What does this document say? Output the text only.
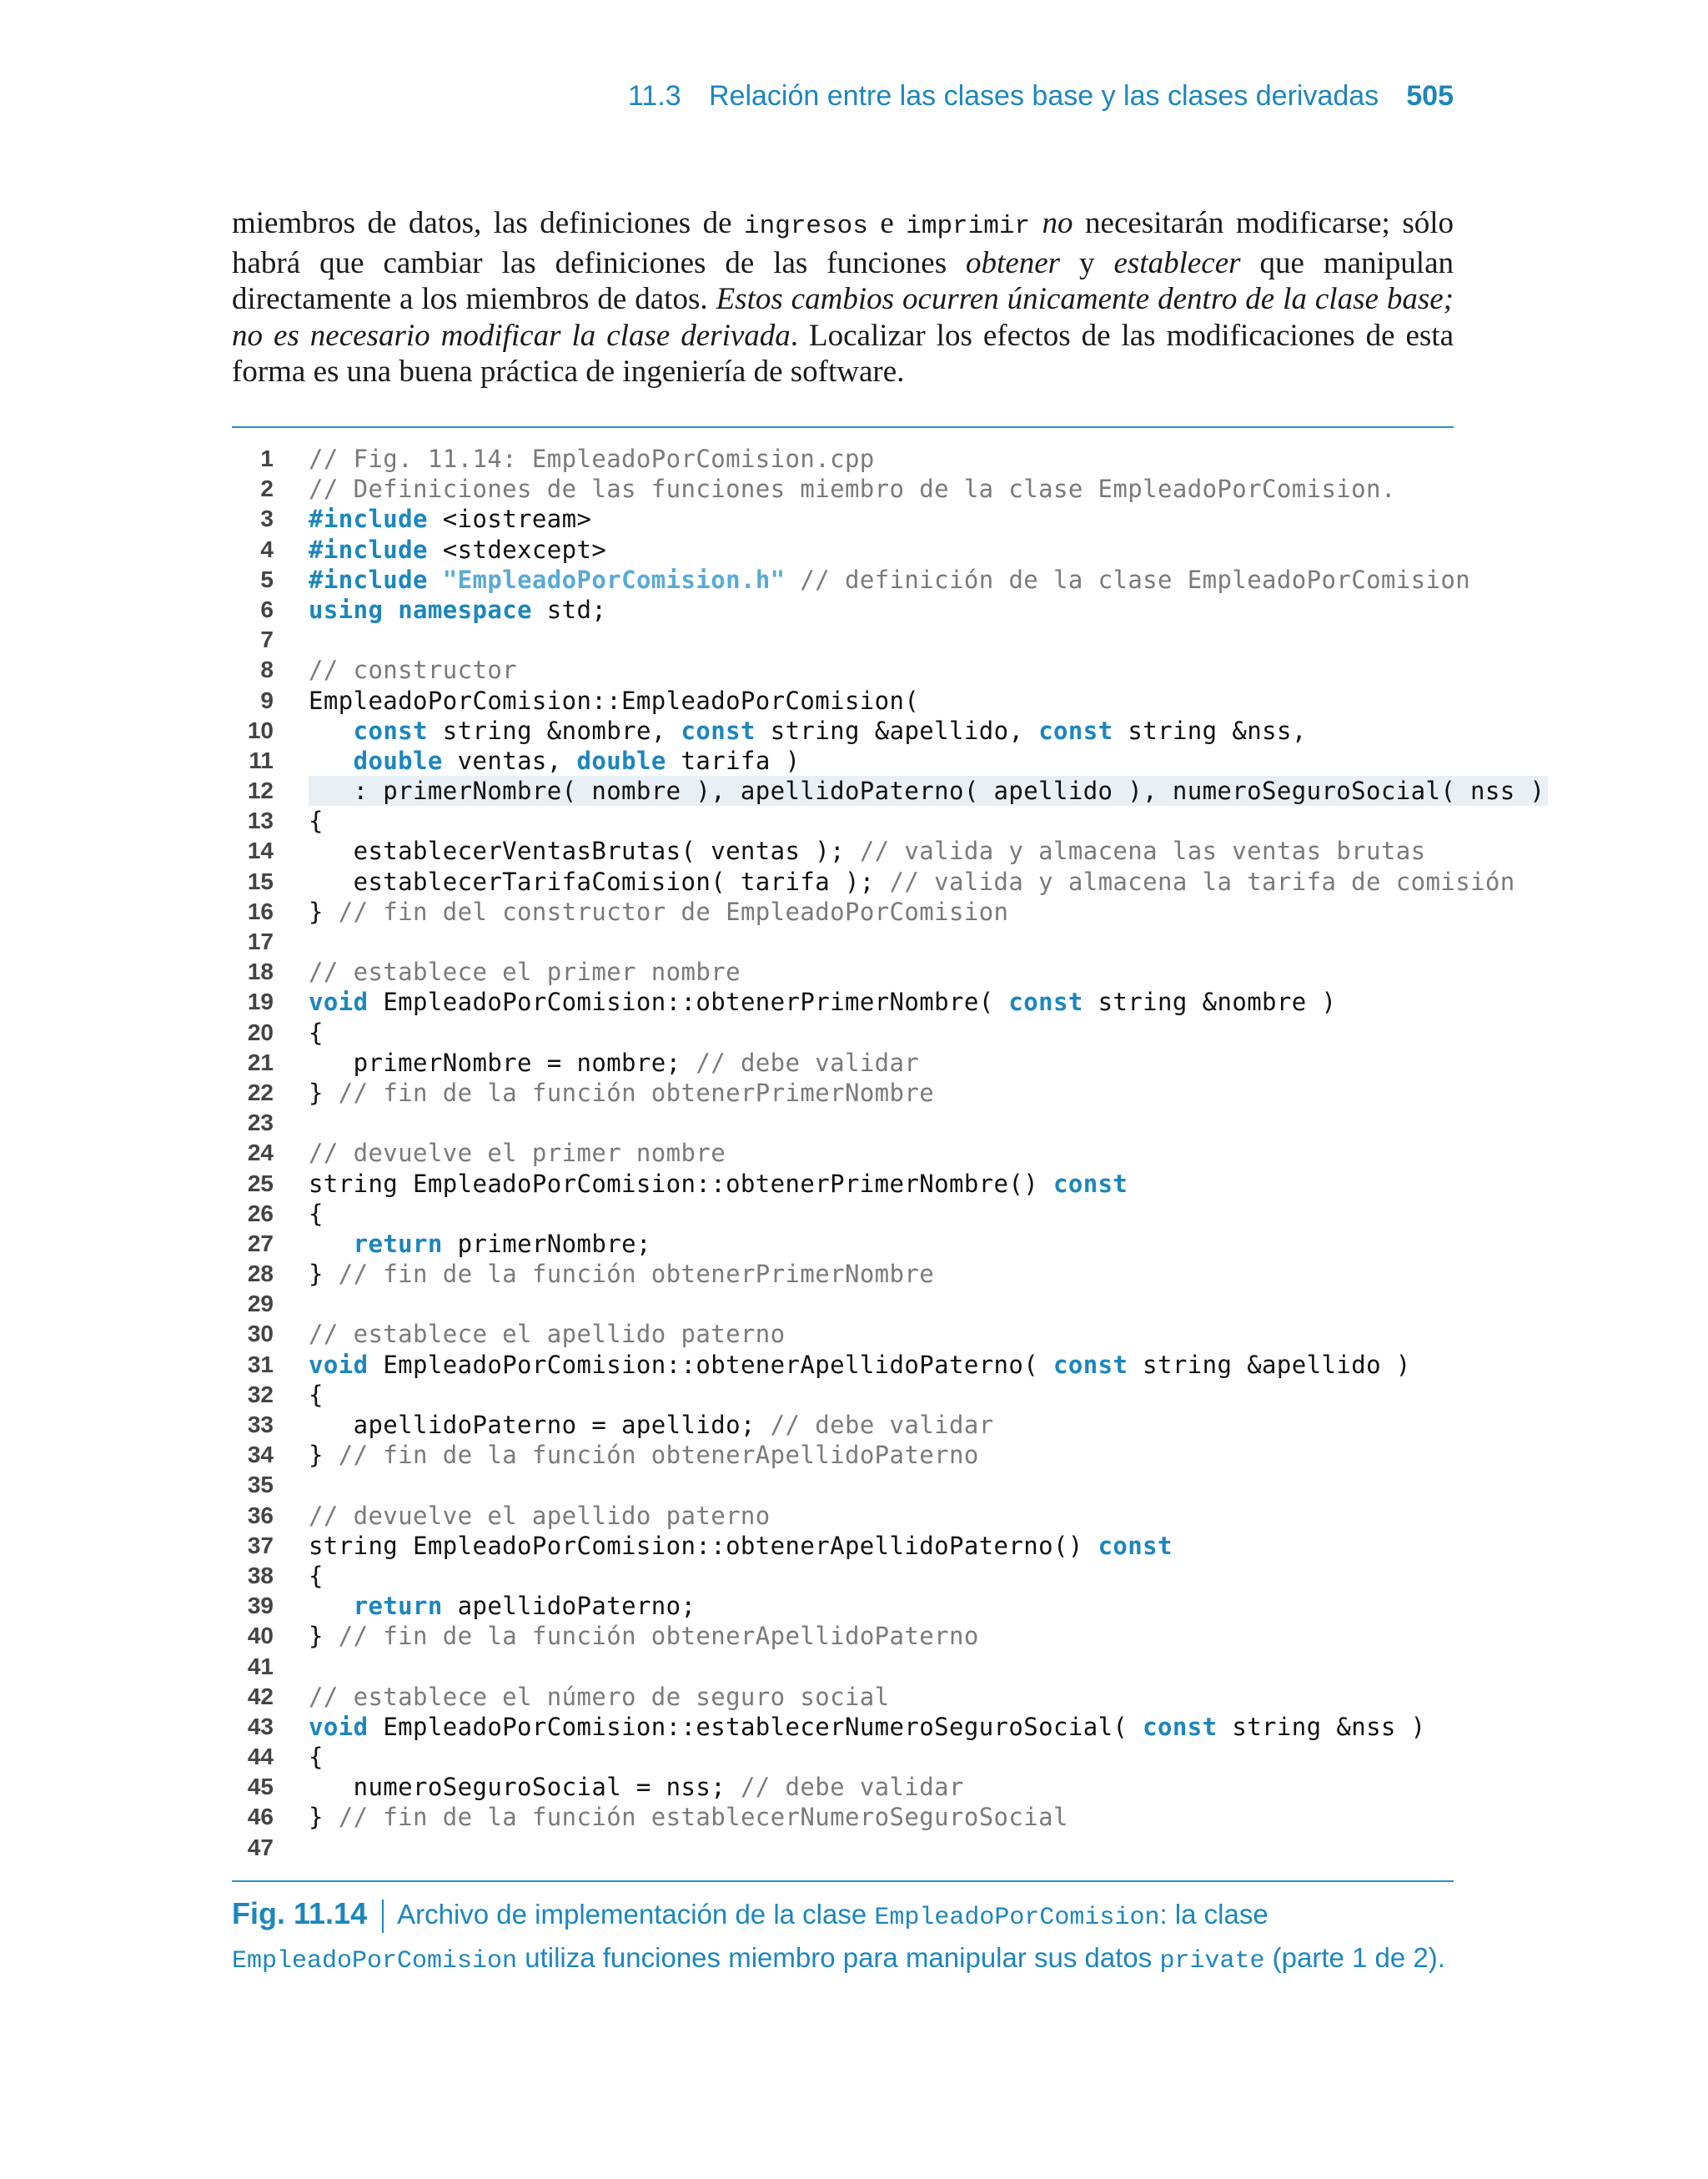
11.3 Relación entre las clases base y las clases derivadas 505

miembros de datos, las definiciones de ingresos e imprimir no necesitarán modificarse; sólo habrá que cambiar las definiciones de las funciones obtener y establecer que manipulan directamente a los miembros de datos. Estos cambios ocurren únicamente dentro de la clase base; no es necesario modificar la clase derivada. Localizar los efectos de las modificaciones de esta forma es una buena práctica de ingeniería de software.

1 // Fig. 11.14: EmpleadoPorComision.cpp
2 // Definiciones de las funciones miembro de la clase EmpleadoPorComision.
3 #include <iostream>
4 #include <stdexcept>
5 #include "EmpleadoPorComision.h" // definición de la clase EmpleadoPorComision
6 using namespace std;
7
8 // constructor
9 EmpleadoPorComision::EmpleadoPorComision(
10	const string &nombre, const string &apellido, const string &nss,
11	double ventas, double tarifa )
12 : primerNombre( nombre ), apellidoPaterno( apellido ), numeroSeguroSocial( nss )
13 {
14 establecerVentasBrutas( ventas ); // valida y almacena las ventas brutas
15 establecerTarifaComision( tarifa ); // valida y almacena la tarifa de comisión
16 } // fin del constructor de EmpleadoPorComision
17
18 // establece el primer nombre
19 void EmpleadoPorComision::obtenerPrimerNombre( const string &nombre )
20 {
21 primerNombre = nombre; // debe validar
22 } // fin de la función obtenerPrimerNombre
23
24 // devuelve el primer nombre
25 string EmpleadoPorComision::obtenerPrimerNombre() const
26 {
27	return primerNombre;
28 } // fin de la función obtenerPrimerNombre
29
30 // establece el apellido paterno
31 void EmpleadoPorComision::obtenerApellidoPaterno( const string &apellido )
32 {
33 apellidoPaterno = apellido; // debe validar
34 } // fin de la función obtenerApellidoPaterno
35
36 // devuelve el apellido paterno
37 string EmpleadoPorComision::obtenerApellidoPaterno() const
38 {
39	return apellidoPaterno;
40 } // fin de la función obtenerApellidoPaterno
41
42 // establece el número de seguro social
43 void EmpleadoPorComision::establecerNumeroSeguroSocial( const string &nss )
44 {
45 numeroSeguroSocial = nss; // debe validar
46 } // fin de la función establecerNumeroSeguroSocial
47
Fig. 11.14 Archivo de implementación de la clase EmpleadoPorComision: la clase
EmpleadoPorComision utiliza funciones miembro para manipular sus datos private (parte 1 de 2).
